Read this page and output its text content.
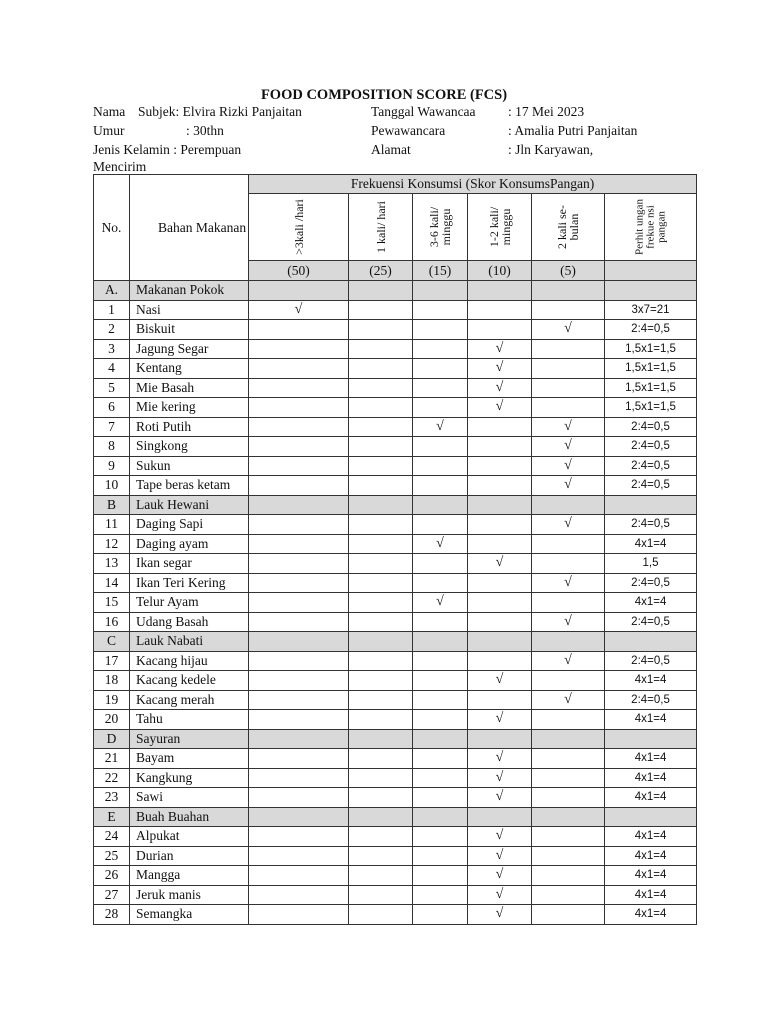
FOOD COMPOSITION SCORE (FCS)
Nama Subjek: Elvira Rizki Panjaitan
Umur	: 30thn
Jenis Kelamin : Perempuan
Mencirim
Tanggal Wawancaa : 17 Mei 2023
Pewawancara	: Amalia Putri Panjaitan
Alamat	: Jln Karyawan,
No.	Bahan Makanan	Frekuensi Konsumsi (Skor KonsumsPangan)					

		>3kali /hari	1 kali/ hari	3-6 kali/ minggu	1-2 kali/ minggu	2 kali se- bulan	Perhit ungan frekue nsi pangan

		(50)	(25)	(15)	(10)	(5)	
A.	Makanan Pokok						
1	Nasi	√					3x7=21
2	Biskuit					√	2:4=0,5
3	Jagung Segar				√		1,5x1=1,5
4	Kentang				√		1,5x1=1,5
5	Mie Basah				√		1,5x1=1,5
6	Mie kering				√		1,5x1=1,5
7	Roti Putih			√		√	2:4=0,5
8	Singkong					√	2:4=0,5
9	Sukun					√	2:4=0,5
10	Tape beras ketam					√	2:4=0,5
B	Lauk Hewani						
11	Daging Sapi					√	2:4=0,5
12	Daging ayam			√			4x1=4
13	Ikan segar				√		1,5
14	Ikan Teri Kering					√	2:4=0,5
15	Telur Ayam			√			4x1=4
16	Udang Basah					√	2:4=0,5
C	Lauk Nabati						
17	Kacang hijau					√	2:4=0,5
18	Kacang kedele				√		4x1=4
19	Kacang merah					√	2:4=0,5
20	Tahu				√		4x1=4
D	Sayuran						
21	Bayam				√		4x1=4
22	Kangkung				√		4x1=4
23	Sawi				√		4x1=4
E	Buah Buahan						
24	Alpukat				√		4x1=4
25	Durian				√		4x1=4
26	Mangga				√		4x1=4
27	Jeruk manis				√		4x1=4
28	Semangka				√		4x1=4
